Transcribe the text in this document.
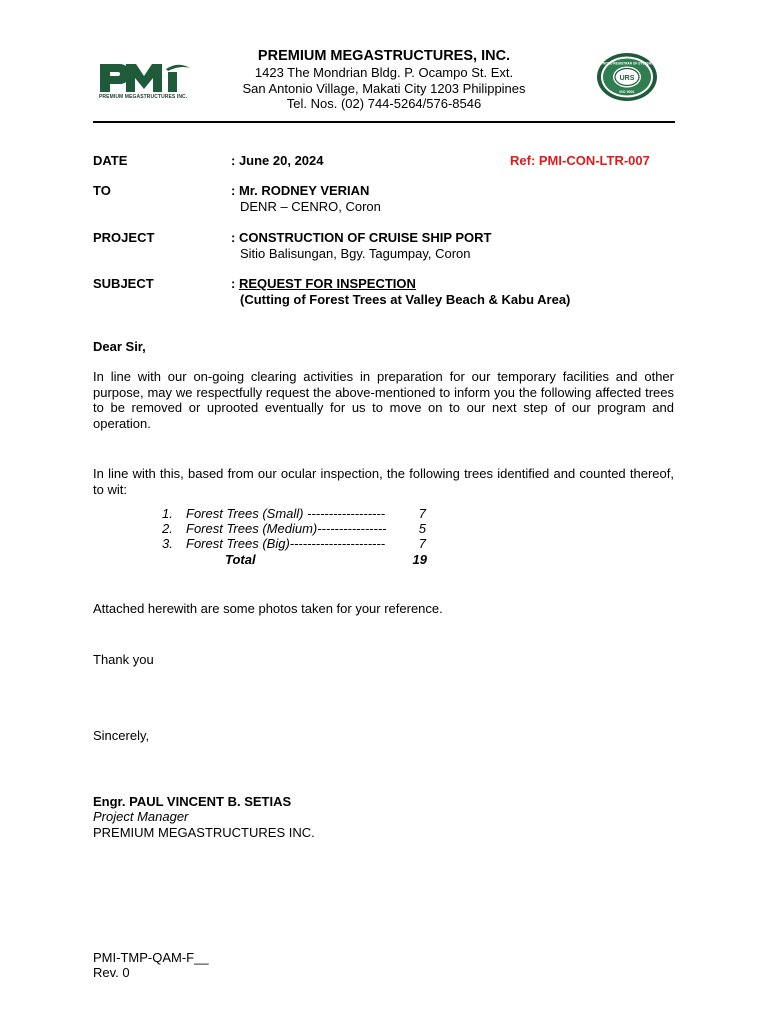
PREMIUM MEGASTRUCTURES INC.
PREMIUM MEGASTRUCTURES, INC.
1423 The Mondrian Bldg. P. Ocampo St. Ext.
San Antonio Village, Makati City 1203 Philippines
Tel. Nos. (02) 744-5264/576-8546
URS
UNITED REGISTRAR OF SYSTEMS
ISO 9001
DATE	: June 20, 2024	Ref: PMI-CON-LTR-007
TO	: Mr. RODNEY VERIAN
DENR – CENRO, Coron
PROJECT	: CONSTRUCTION OF CRUISE SHIP PORT
Sitio Balisungan, Bgy. Tagumpay, Coron
SUBJECT	: REQUEST FOR INSPECTION
(Cutting of Forest Trees at Valley Beach & Kabu Area)
Dear Sir,
In line with our on-going clearing activities in preparation for our temporary facilities and other purpose, may we respectfully request the above-mentioned to inform you the following affected trees to be removed or uprooted eventually for us to move on to our next step of our program and operation.
In line with this, based from our ocular inspection, the following trees identified and counted thereof, to wit:
1. Forest Trees (Small) ------------------	7
2. Forest Trees (Medium)----------------	5
3. Forest Trees (Big)----------------------	7
Total	19
Attached herewith are some photos taken for your reference.
Thank you
Sincerely,
Engr. PAUL VINCENT B. SETIAS
Project Manager
PREMIUM MEGASTRUCTURES INC.
PMI-TMP-QAM-F__
Rev. 0
